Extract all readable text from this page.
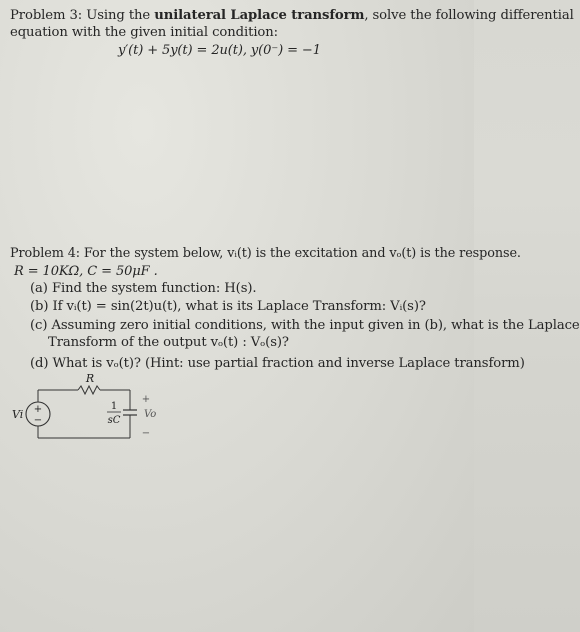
Problem 3: Using the unilateral Laplace transform, solve the following differential
equation with the given initial condition:
y′(t) + 5y(t) = 2u(t), y(0⁻) = −1
Problem 4: For the system below, vᵢ(t) is the excitation and vₒ(t) is the response.
R = 10KΩ, C = 50μF .
(a) Find the system function: H(s).
(b) If vᵢ(t) = sin(2t)u(t), what is its Laplace Transform: Vᵢ(s)?
(c) Assuming zero initial conditions, with the input given in (b), what is the Laplace
Transform of the output vₒ(t) : Vₒ(s)?
(d) What is vₒ(t)? (Hint: use partial fraction and inverse Laplace transform)
R
+
−
Vi
1
sC
+
Vo
−
